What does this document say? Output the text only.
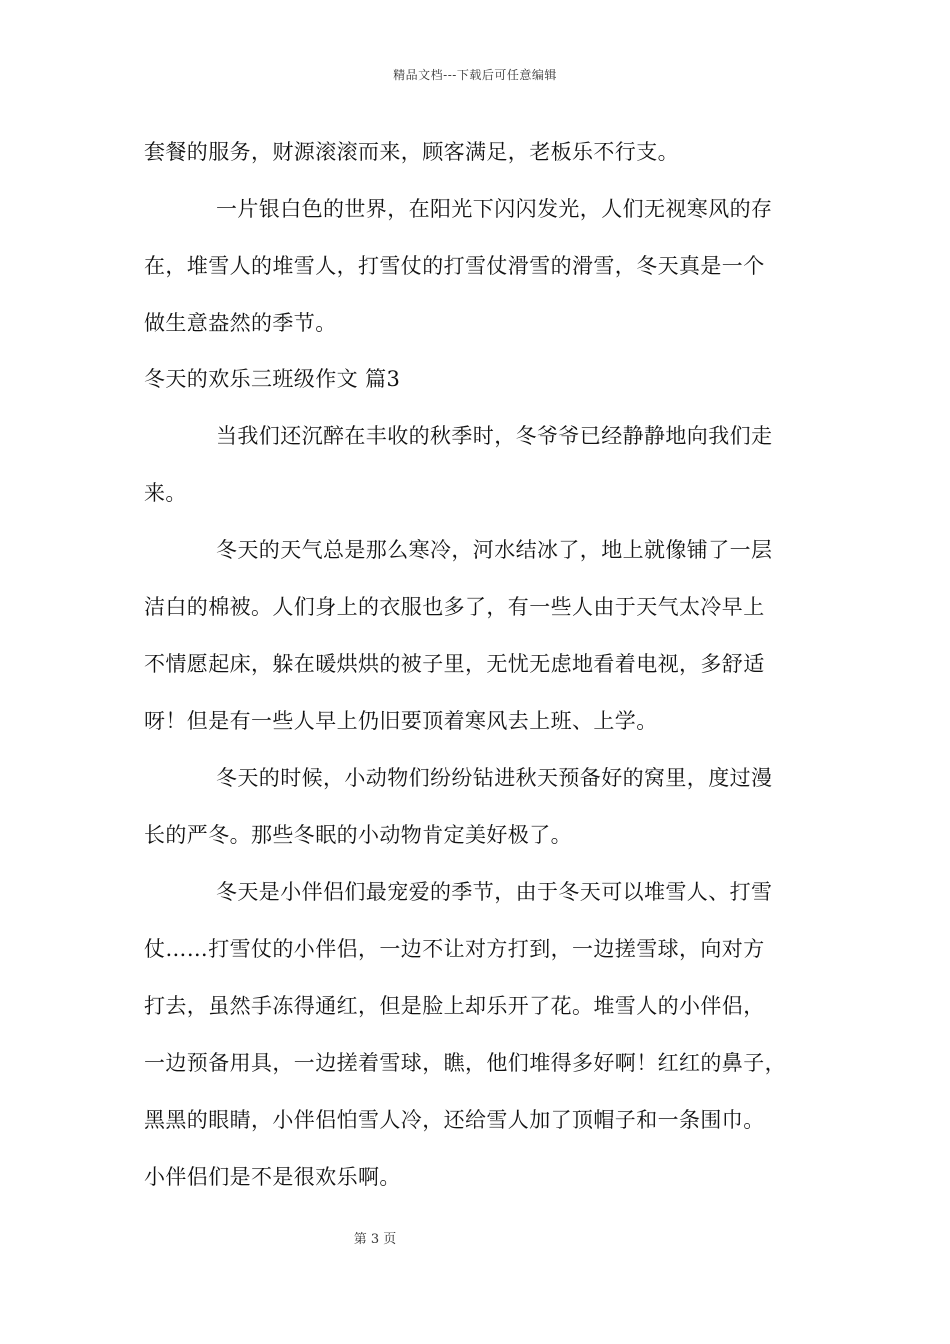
精品文档---下载后可任意编辑
套餐的服务，财源滚滚而来，顾客满足，老板乐不行支。
一片银白色的世界，在阳光下闪闪发光，人们无视寒风的存
在，堆雪人的堆雪人，打雪仗的打雪仗滑雪的滑雪，冬天真是一个
做生意盎然的季节。
冬天的欢乐三班级作文 篇3
当我们还沉醉在丰收的秋季时，冬爷爷已经静静地向我们走
来。
冬天的天气总是那么寒冷，河水结冰了，地上就像铺了一层
洁白的棉被。人们身上的衣服也多了，有一些人由于天气太冷早上
不情愿起床，躲在暖烘烘的被子里，无忧无虑地看着电视，多舒适
呀！但是有一些人早上仍旧要顶着寒风去上班、上学。
冬天的时候，小动物们纷纷钻进秋天预备好的窝里，度过漫
长的严冬。那些冬眠的小动物肯定美好极了。
冬天是小伴侣们最宠爱的季节，由于冬天可以堆雪人、打雪
仗……打雪仗的小伴侣，一边不让对方打到，一边搓雪球，向对方
打去，虽然手冻得通红，但是脸上却乐开了花。堆雪人的小伴侣，
一边预备用具，一边搓着雪球，瞧，他们堆得多好啊！红红的鼻子，
黑黑的眼睛，小伴侣怕雪人冷，还给雪人加了顶帽子和一条围巾。
小伴侣们是不是很欢乐啊。
第 3 页
